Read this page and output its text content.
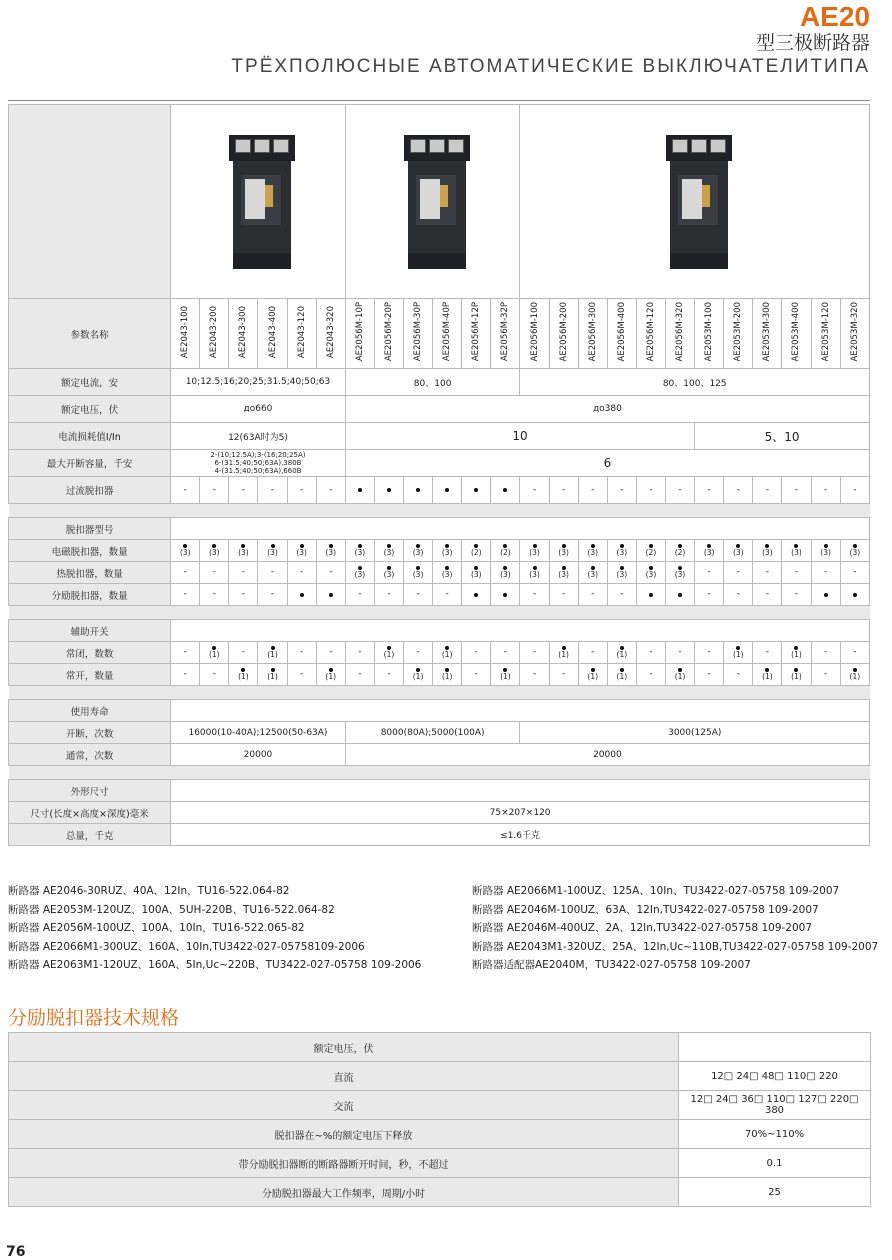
AE20
型三极断路器
ТРЁХПОЛЮСНЫЕ АВТОМАТИЧЕСКИЕ ВЫКЛЮЧАТЕЛИТИПА

参数名称	AE2043-100	AE2043-200	AE2043-300	AE2043-400	AE2043-120	AE2043-320	AE2056M-10P	AE2056M-20P	AE2056M-30P	AE2056M-40P	AE2056M-12P	AE2056M-32P	AE2056M-100	AE2056M-200	AE2056M-300	AE2056M-400	AE2056M-120	AE2056M-320	AE2053M-100	AE2053M-200	AE2053M-300	AE2053M-400	AE2053M-120	AE2053M-320
额定电流，安	10;12.5;16;20;25;31.5;40;50;63						80、100						80、100、125											
额定电压，伏	до660						до380																	
电流损耗值I/In	12(63A时为5)						10												5、10					
最大开断容量，千安	2-(10;12.5A);3-(16;20;25A)
6-(31.5;40;50;63A),380B
4-(31.5;40;50;63A),660B						6																	
过流脱扣器	-	-	-	-	-	-							-	-	-	-	-	-	-	-	-	-	-	-

脱扣器型号																								
电磁脱扣器，数量	(3)	(3)	(3)	(3)	(3)	(3)	(3)	(3)	(3)	(3)	(2)	(2)	(3)	(3)	(3)	(3)	(2)	(2)	(3)	(3)	(3)	(3)	(3)	(3)

热脱扣器，数量	-	-	-	-	-	-	(3)	(3)	(3)	(3)	(3)	(3)	(3)	(3)	(3)	(3)	(3)	(3)	-	-	-	-	-	-

分励脱扣器，数量	-	-	-	-			-	-	-	-			-	-	-	-			-	-	-	-		

辅助开关																								
常闭，数数	-	(1)	-	(1)	-	-	-	(1)	-	(1)	-	-	-	(1)	-	(1)	-	-	-	(1)	-	(1)	-	-

常开，数量	-	-	(1)	(1)	-	(1)	-	-	(1)	(1)	-	(1)	-	-	(1)	(1)	-	(1)	-	-	(1)	(1)	-	(1)

使用寿命																								
开断，次数	16000(10-40A);12500(50-63A)						8000(80A);5000(100A)						3000(125A)											
通常，次数	20000						20000																	

外形尺寸																								
尺寸(长度×高度×深度)毫米	75×207×120																							
总量，千克	≤1.6千克																							
断路器 AE2046-30RUZ、40A、12In，TU16-522.064-82
断路器 AE2053M-120UZ、100A、5UH-220B、TU16-522.064-82
断路器 AE2056M-100UZ、100A、10In，TU16-522.065-82
断路器 AE2066M1-300UZ、160A、10In,TU3422-027-05758109-2006
断路器 AE2063M1-120UZ、160A、5In,Uc~220B、TU3422-027-05758 109-2006
断路器 AE2066M1-100UZ、125A、10In、TU3422-027-05758 109-2007
断路器 AE2046M-100UZ、63A、12In,TU3422-027-05758 109-2007
断路器 AE2046M-400UZ、2A、12In,TU3422-027-05758 109-2007
断路器 AE2043M1-320UZ、25A、12In,Uc~110B,TU3422-027-05758 109-2007
断路器适配器AE2040M，TU3422-027-05758 109-2007
分励脱扣器技术规格
额定电压，伏	
直流	12□ 24□ 48□ 110□ 220
交流	12□ 24□ 36□ 110□ 127□ 220□ 380
脱扣器在~%的额定电压下释放	70%~110%
带分励脱扣器断的断路器断开时间，秒，不超过	0.1
分励脱扣器最大工作频率，周期/小时	25
76
